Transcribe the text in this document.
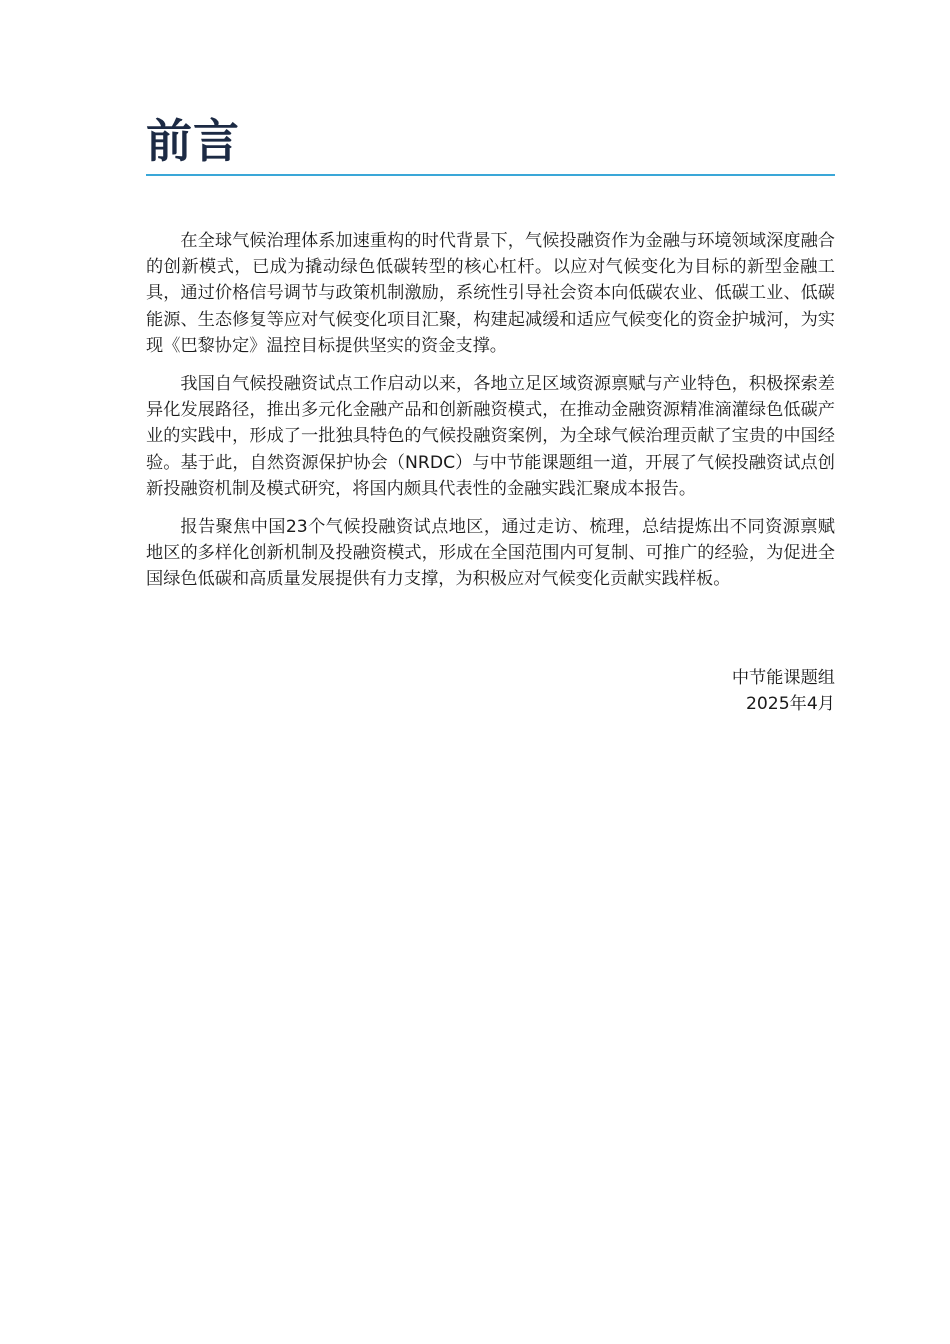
前言

在全球气候治理体系加速重构的时代背景下，气候投融资作为金融与环境领域深度融合的创新模式，已成为撬动绿色低碳转型的核心杠杆。以应对气候变化为目标的新型金融工具，通过价格信号调节与政策机制激励，系统性引导社会资本向低碳农业、低碳工业、低碳能源、生态修复等应对气候变化项目汇聚，构建起减缓和适应气候变化的资金护城河，为实现《巴黎协定》温控目标提供坚实的资金支撑。

我国自气候投融资试点工作启动以来，各地立足区域资源禀赋与产业特色，积极探索差异化发展路径，推出多元化金融产品和创新融资模式，在推动金融资源精准滴灌绿色低碳产业的实践中，形成了一批独具特色的气候投融资案例，为全球气候治理贡献了宝贵的中国经验。基于此，自然资源保护协会（NRDC）与中节能课题组一道，开展了气候投融资试点创新投融资机制及模式研究，将国内颇具代表性的金融实践汇聚成本报告。

报告聚焦中国23个气候投融资试点地区，通过走访、梳理，总结提炼出不同资源禀赋地区的多样化创新机制及投融资模式，形成在全国范围内可复制、可推广的经验，为促进全国绿色低碳和高质量发展提供有力支撑，为积极应对气候变化贡献实践样板。

中节能课题组
2025年4月
